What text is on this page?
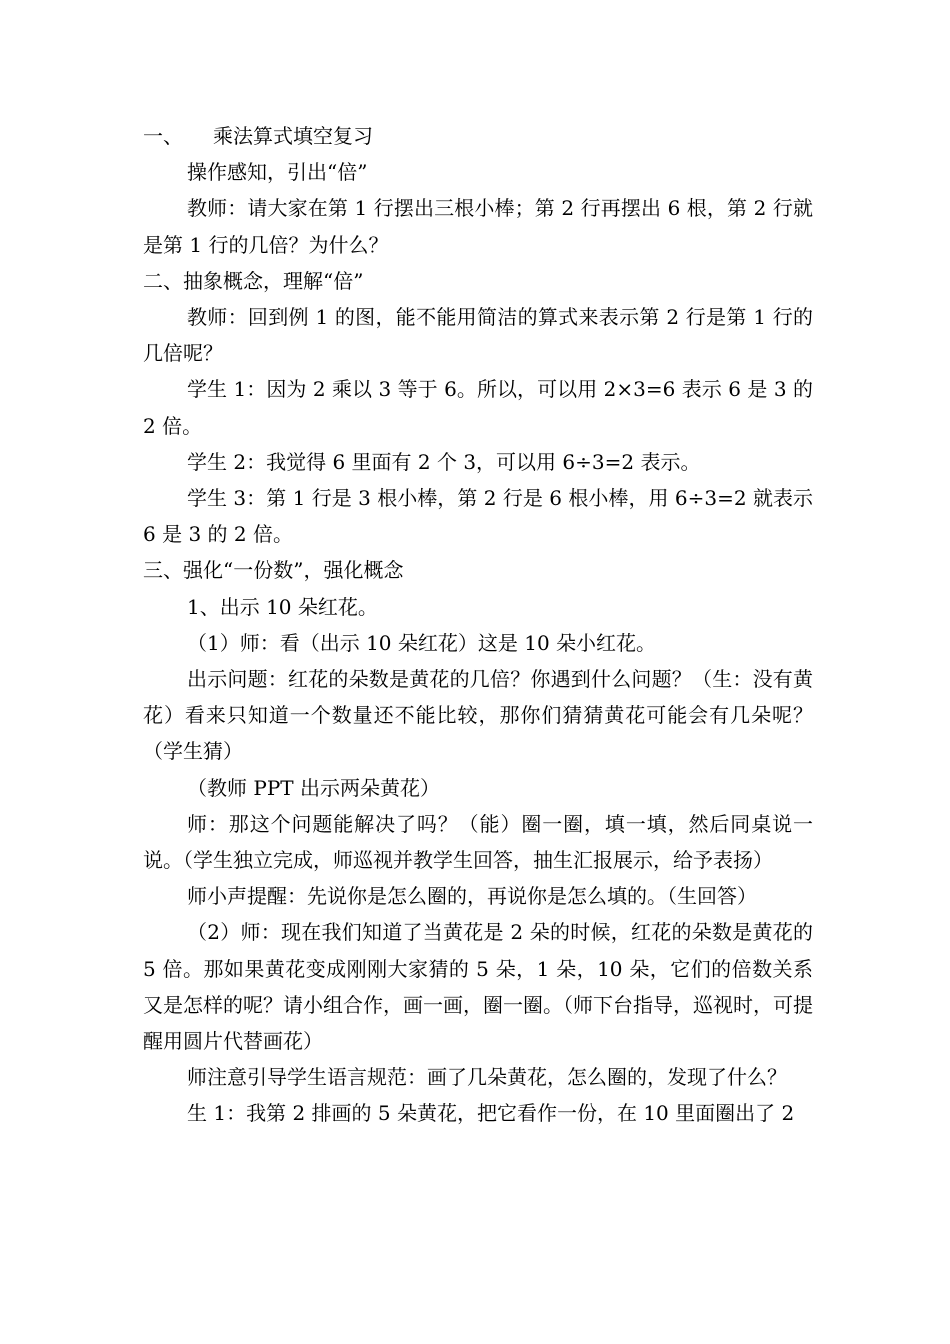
一、	乘法算式填空复习

操作感知，引出“倍”

教师：请大家在第 1 行摆出三根小棒；第 2 行再摆出 6 根，第 2 行就是第 1 行的几倍？为什么？

二、抽象概念，理解“倍”

教师：回到例 1 的图，能不能用简洁的算式来表示第 2 行是第 1 行的几倍呢？

学生 1：因为 2 乘以 3 等于 6。所以，可以用 2×3=6 表示 6 是 3 的 2 倍。

学生 2：我觉得 6 里面有 2 个 3，可以用 6÷3=2 表示。

学生 3：第 1 行是 3 根小棒，第 2 行是 6 根小棒，用 6÷3=2 就表示 6 是 3 的 2 倍。

三、强化“一份数”，强化概念

1、出示 10 朵红花。

（1）师：看（出示 10 朵红花）这是 10 朵小红花。

出示问题：红花的朵数是黄花的几倍？你遇到什么问题？（生：没有黄花）看来只知道一个数量还不能比较，那你们猜猜黄花可能会有几朵呢？（学生猜）

（教师 PPT 出示两朵黄花）

师：那这个问题能解决了吗？（能）圈一圈，填一填，然后同桌说一说。（学生独立完成，师巡视并教学生回答，抽生汇报展示，给予表扬）

师小声提醒：先说你是怎么圈的，再说你是怎么填的。（生回答）

（2）师：现在我们知道了当黄花是 2 朵的时候，红花的朵数是黄花的 5 倍。那如果黄花变成刚刚大家猜的 5 朵，1 朵，10 朵，它们的倍数关系又是怎样的呢？请小组合作，画一画，圈一圈。（师下台指导，巡视时，可提醒用圆片代替画花）

师注意引导学生语言规范：画了几朵黄花，怎么圈的，发现了什么？

生 1：我第 2 排画的 5 朵黄花，把它看作一份，在 10 里面圈出了 2
